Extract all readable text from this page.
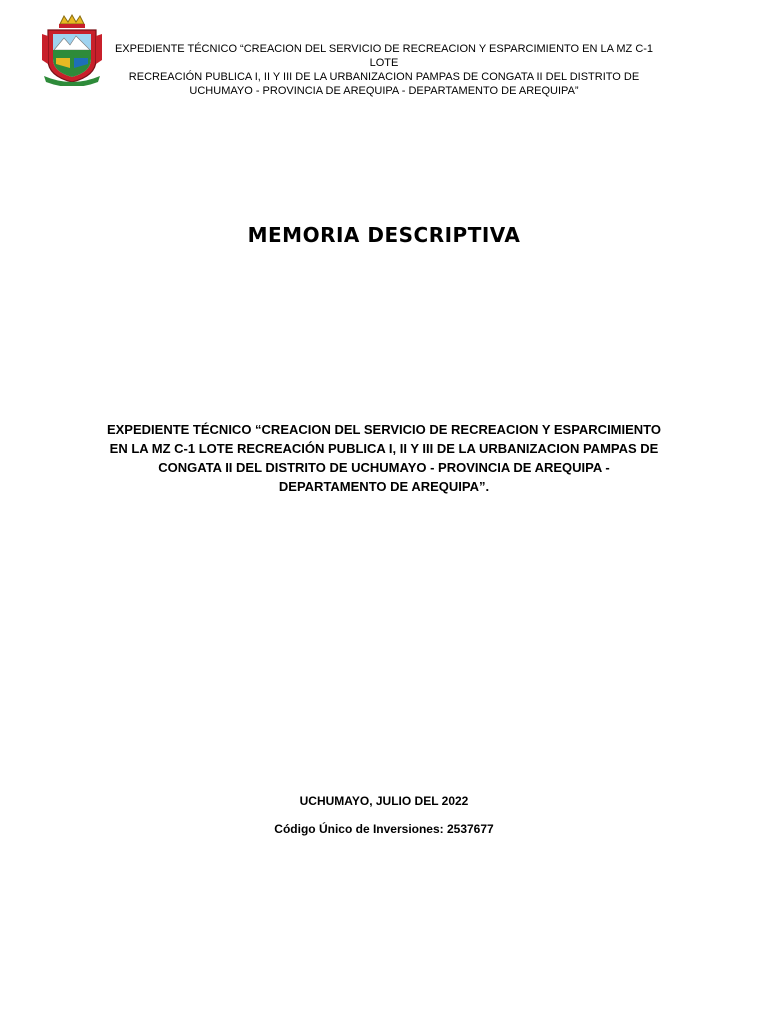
EXPEDIENTE TÉCNICO “CREACION DEL SERVICIO DE RECREACION Y ESPARCIMIENTO EN LA MZ C-1 LOTE
RECREACIÓN PUBLICA I, II Y III DE LA URBANIZACION PAMPAS DE CONGATA II DEL DISTRITO DE
UCHUMAYO - PROVINCIA DE AREQUIPA - DEPARTAMENTO DE AREQUIPA”
MEMORIA DESCRIPTIVA
EXPEDIENTE TÉCNICO “CREACION DEL SERVICIO DE RECREACION Y ESPARCIMIENTO
EN LA MZ C-1 LOTE RECREACIÓN PUBLICA I, II Y III DE LA URBANIZACION PAMPAS DE
CONGATA II DEL DISTRITO DE UCHUMAYO - PROVINCIA DE AREQUIPA -
DEPARTAMENTO DE AREQUIPA”.
UCHUMAYO, JULIO DEL 2022
Código Único de Inversiones: 2537677
